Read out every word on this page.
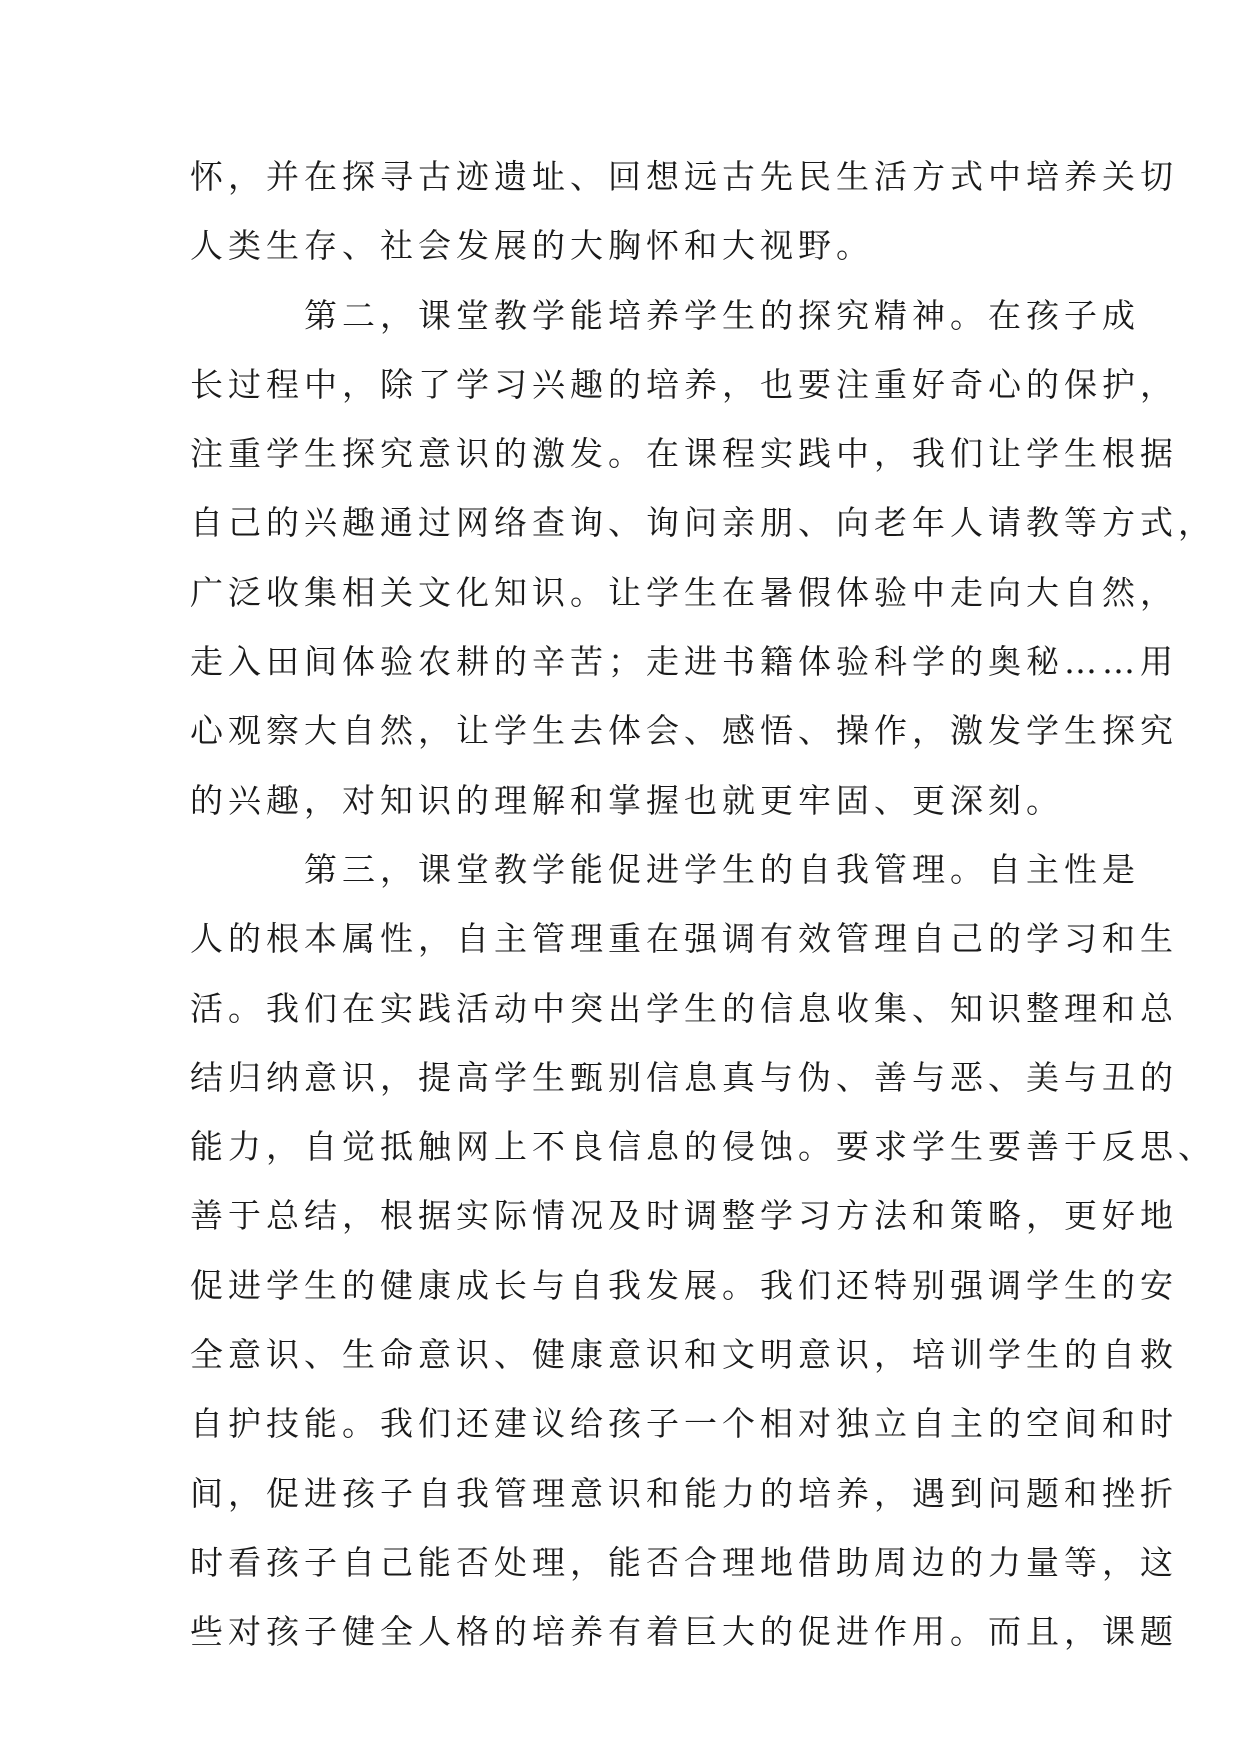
怀，并在探寻古迹遗址、回想远古先民生活方式中培养关切
人类生存、社会发展的大胸怀和大视野。
第二，课堂教学能培养学生的探究精神。在孩子成
长过程中，除了学习兴趣的培养，也要注重好奇心的保护，
注重学生探究意识的激发。在课程实践中，我们让学生根据
自己的兴趣通过网络查询、询问亲朋、向老年人请教等方式，
广泛收集相关文化知识。让学生在暑假体验中走向大自然，
走入田间体验农耕的辛苦；走进书籍体验科学的奥秘……用
心观察大自然，让学生去体会、感悟、操作，激发学生探究
的兴趣，对知识的理解和掌握也就更牢固、更深刻。
第三，课堂教学能促进学生的自我管理。自主性是
人的根本属性，自主管理重在强调有效管理自己的学习和生
活。我们在实践活动中突出学生的信息收集、知识整理和总
结归纳意识，提高学生甄别信息真与伪、善与恶、美与丑的
能力，自觉抵触网上不良信息的侵蚀。要求学生要善于反思、
善于总结，根据实际情况及时调整学习方法和策略，更好地
促进学生的健康成长与自我发展。我们还特别强调学生的安
全意识、生命意识、健康意识和文明意识，培训学生的自救
自护技能。我们还建议给孩子一个相对独立自主的空间和时
间，促进孩子自我管理意识和能力的培养，遇到问题和挫折
时看孩子自己能否处理，能否合理地借助周边的力量等，这
些对孩子健全人格的培养有着巨大的促进作用。而且，课题
